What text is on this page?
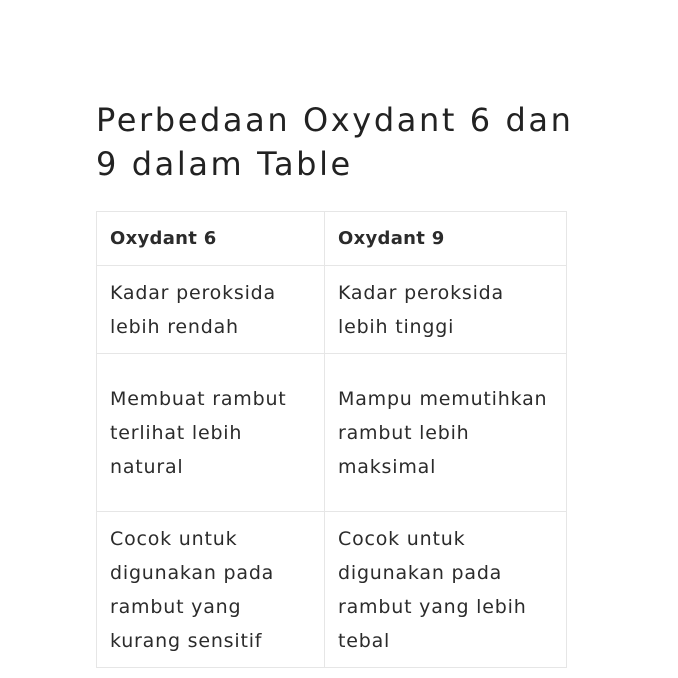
Perbedaan Oxydant 6 dan 9 dalam Table
Oxydant 6	Oxydant 9
Kadar peroksida lebih rendah	Kadar peroksida lebih tinggi
Membuat rambut terlihat lebih natural	Mampu memutihkan rambut lebih maksimal
Cocok untuk digunakan pada rambut yang kurang sensitif	Cocok untuk digunakan pada rambut yang lebih tebal
